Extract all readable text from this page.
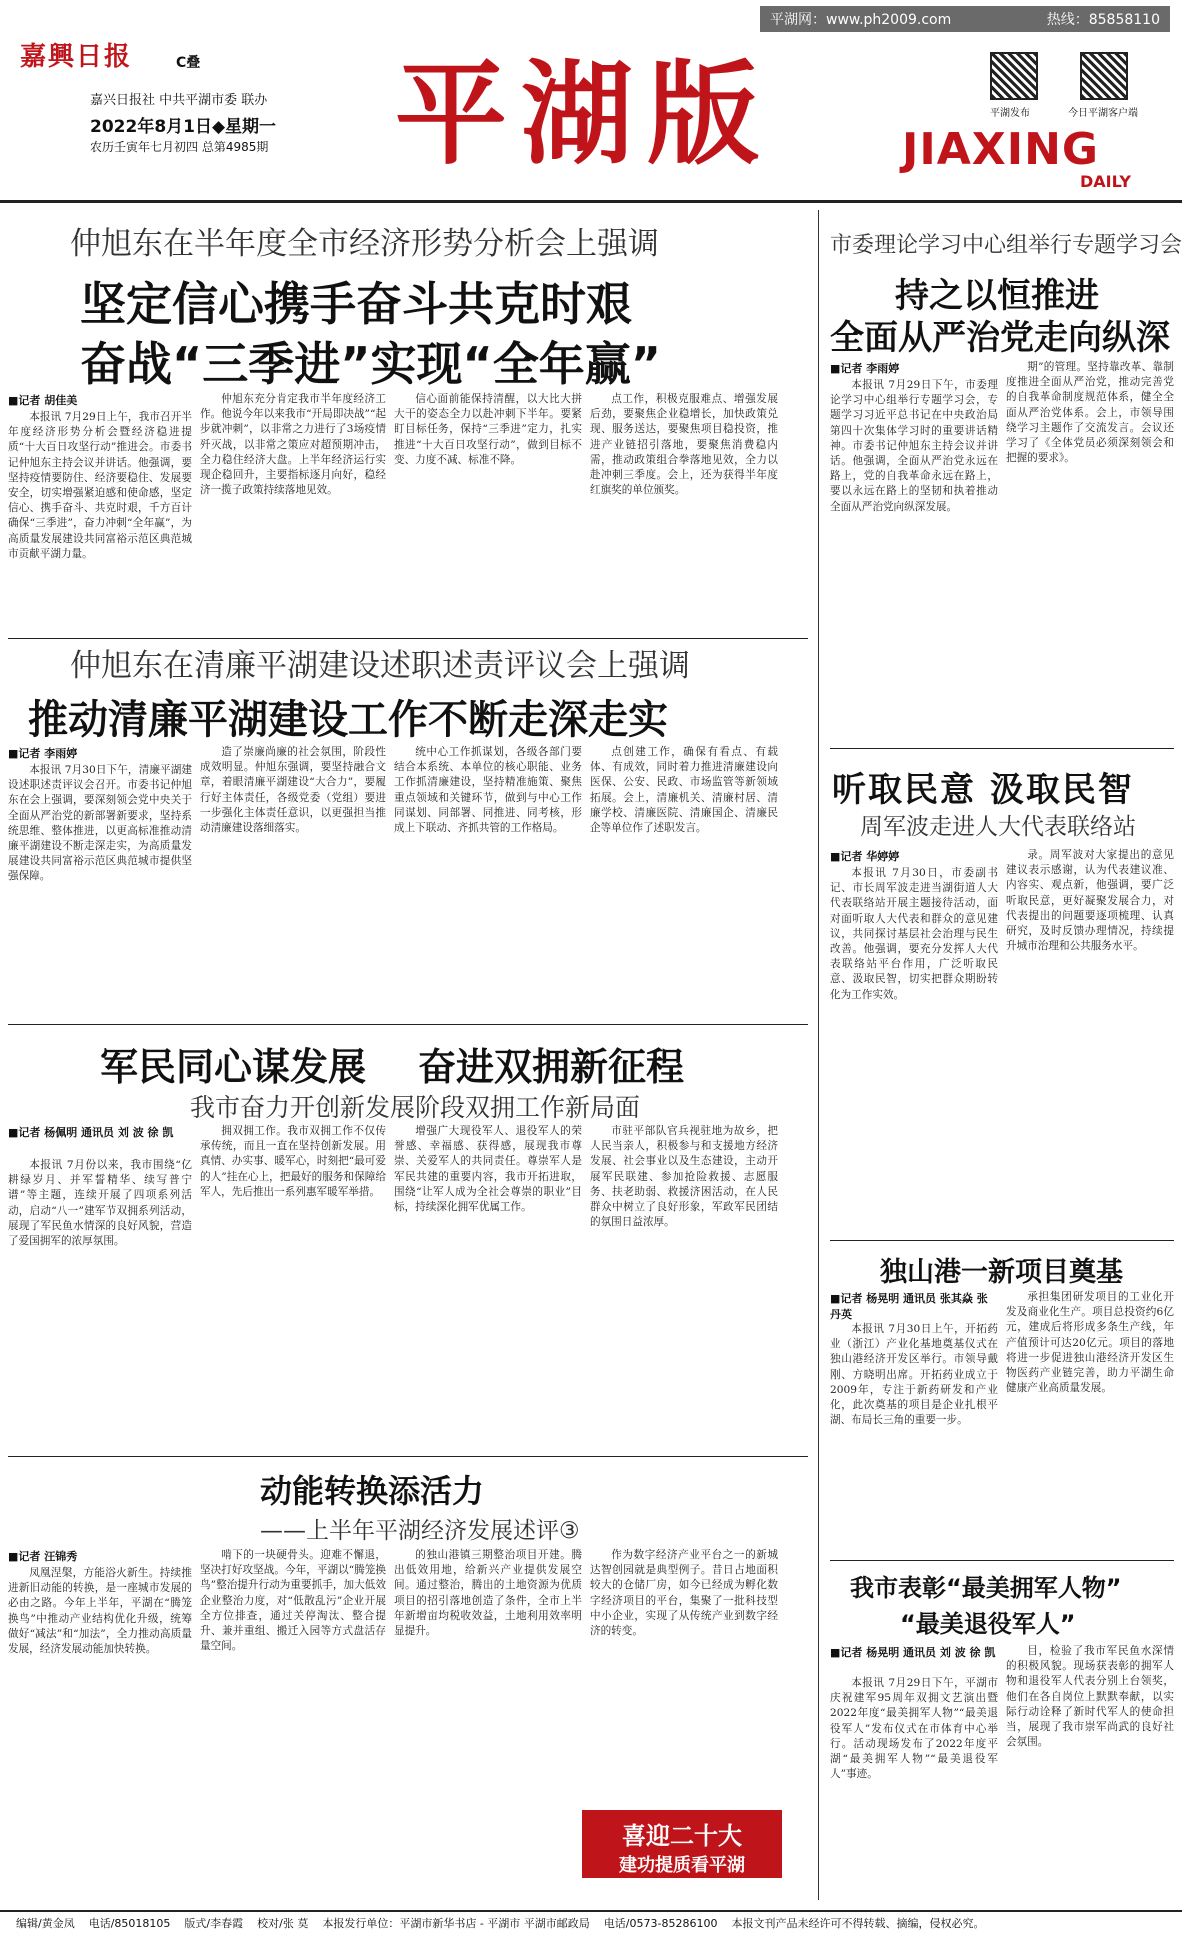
平湖网：www.ph2009.com	热线：85858110
嘉興日报	C叠
嘉兴日报社 中共平湖市委 联办
2022年8月1日◆星期一
农历壬寅年七月初四 总第4985期 平湖版	平湖发布	今日平湖客户端
JIAXING
DAILY
仲旭东在半年度全市经济形势分析会上强调
坚定信心携手奋斗共克时艰
奋战“三季进”实现“全年赢”
■记者 胡佳美

本报讯 7月29日上午，我市召开半年度经济形势分析会暨经济稳进提质“十大百日攻坚行动”推进会。市委书记仲旭东主持会议并讲话。他强调，要坚持疫情要防住、经济要稳住、发展要安全，切实增强紧迫感和使命感，坚定信心、携手奋斗、共克时艰，千方百计确保“三季进”，奋力冲刺“全年赢”，为高质量发展建设共同富裕示范区典范城市贡献平湖力量。

仲旭东充分肯定我市半年度经济工作。他说今年以来我市“开局即决战”“起步就冲刺”，以非常之力进行了3场疫情歼灭战，以非常之策应对超预期冲击，全力稳住经济大盘。上半年经济运行实现企稳回升，主要指标逐月向好，稳经济一揽子政策持续落地见效。

信心面前能保持清醒，以大比大拼大干的姿态全力以赴冲刺下半年。要紧盯目标任务，保持“三季进”定力，扎实推进“十大百日攻坚行动”，做到目标不变、力度不减、标准不降。

点工作，积极克服难点、增强发展后劲，要聚焦企业稳增长，加快政策兑现、服务送达，要聚焦项目稳投资，推进产业链招引落地，要聚焦消费稳内需，推动政策组合拳落地见效，全力以赴冲刺三季度。会上，还为获得半年度红旗奖的单位颁奖。

市委理论学习中心组举行专题学习会
持之以恒推进
全面从严治党走向纵深
■记者 李雨婷

本报讯 7月29日下午，市委理论学习中心组举行专题学习会，专题学习习近平总书记在中央政治局第四十次集体学习时的重要讲话精神。市委书记仲旭东主持会议并讲话。他强调，全面从严治党永远在路上，党的自我革命永远在路上，要以永远在路上的坚韧和执着推动全面从严治党向纵深发展。

期”的管理。坚持靠改革、靠制度推进全面从严治党，推动完善党的自我革命制度规范体系，健全全面从严治党体系。会上，市领导围绕学习主题作了交流发言。会议还学习了《全体党员必须深刻领会和把握的要求》。

仲旭东在清廉平湖建设述职述责评议会上强调
推动清廉平湖建设工作不断走深走实
■记者 李雨婷

本报讯 7月30日下午，清廉平湖建设述职述责评议会召开。市委书记仲旭东在会上强调，要深刻领会党中央关于全面从严治党的新部署新要求，坚持系统思维、整体推进，以更高标准推动清廉平湖建设不断走深走实，为高质量发展建设共同富裕示范区典范城市提供坚强保障。

造了崇廉尚廉的社会氛围，阶段性成效明显。仲旭东强调，要坚持融合文章，着眼清廉平湖建设“大合力”，要履行好主体责任，各级党委（党组）要进一步强化主体责任意识，以更强担当推动清廉建设落细落实。

统中心工作抓谋划，各级各部门要结合本系统、本单位的核心职能、业务工作抓清廉建设，坚持精准施策、聚焦重点领域和关键环节，做到与中心工作同谋划、同部署、同推进、同考核，形成上下联动、齐抓共管的工作格局。

点创建工作，确保有看点、有载体、有成效，同时着力推进清廉建设向医保、公安、民政、市场监管等新领域拓展。会上，清廉机关、清廉村居、清廉学校、清廉医院、清廉国企、清廉民企等单位作了述职发言。

听取民意 汲取民智
周军波走进人大代表联络站
■记者 华婷婷

本报讯 7月30日，市委副书记、市长周军波走进当湖街道人大代表联络站开展主题接待活动，面对面听取人大代表和群众的意见建议，共同探讨基层社会治理与民生改善。他强调，要充分发挥人大代表联络站平台作用，广泛听取民意、汲取民智，切实把群众期盼转化为工作实效。

录。周军波对大家提出的意见建议表示感谢，认为代表建议准、内容实、观点新，他强调，要广泛听取民意，更好凝聚发展合力，对代表提出的问题要逐项梳理、认真研究，及时反馈办理情况，持续提升城市治理和公共服务水平。

军民同心谋发展 奋进双拥新征程
我市奋力开创新发展阶段双拥工作新局面
■记者 杨佩明 通讯员 刘 波 徐 凯

本报讯 7月份以来，我市围绕“亿耕绿岁月、并军誓精华、续写普宁谱”等主题，连续开展了四项系列活动，启动“八一”建军节双拥系列活动，展现了军民鱼水情深的良好风貌，营造了爱国拥军的浓厚氛围。

拥双拥工作。我市双拥工作不仅传承传统，而且一直在坚持创新发展。用真情、办实事、暖军心，时刻把“最可爱的人”挂在心上，把最好的服务和保障给军人，先后推出一系列惠军暖军举措。

增强广大现役军人、退役军人的荣誉感、幸福感、获得感，展现我市尊崇、关爱军人的共同责任。尊崇军人是军民共建的重要内容，我市开拓进取，围绕“让军人成为全社会尊崇的职业”目标，持续深化拥军优属工作。

市驻平部队官兵视驻地为故乡，把人民当亲人，积极参与和支援地方经济发展、社会事业以及生态建设，主动开展军民联建、参加抢险救援、志愿服务、扶老助弱、救援济困活动，在人民群众中树立了良好形象，军政军民团结的氛围日益浓厚。

独山港一新项目奠基
■记者 杨晃明 通讯员 张其焱 张丹英

本报讯 7月30日上午，开拓药业（浙江）产业化基地奠基仪式在独山港经济开发区举行。市领导戴刚、方晓明出席。开拓药业成立于2009年，专注于新药研发和产业化，此次奠基的项目是企业扎根平湖、布局长三角的重要一步。

承担集团研发项目的工业化开发及商业化生产。项目总投资约6亿元，建成后将形成多条生产线，年产值预计可达20亿元。项目的落地将进一步促进独山港经济开发区生物医药产业链完善，助力平湖生命健康产业高质量发展。

动能转换添活力
——上半年平湖经济发展述评③
■记者 汪锦秀

凤凰涅槃，方能浴火新生。持续推进新旧动能的转换，是一座城市发展的必由之路。今年上半年，平湖在“腾笼换鸟”中推动产业结构优化升级，统筹做好“减法”和“加法”，全力推动高质量发展，经济发展动能加快转换。

啃下的一块硬骨头。迎难不懈退，坚决打好攻坚战。今年，平湖以“腾笼换鸟”整治提升行动为重要抓手，加大低效企业整治力度，对“低散乱污”企业开展全方位排查，通过关停淘汰、整合提升、兼并重组、搬迁入园等方式盘活存量空间。

的独山港镇三期整治项目开建。腾出低效用地，给新兴产业提供发展空间。通过整治，腾出的土地资源为优质项目的招引落地创造了条件，全市上半年新增亩均税收效益，土地利用效率明显提升。

作为数字经济产业平台之一的新城达智创园就是典型例子。昔日占地面积较大的仓储厂房，如今已经成为孵化数字经济项目的平台，集聚了一批科技型中小企业，实现了从传统产业到数字经济的转变。

喜迎二十大
建功提质看平湖
我市表彰“最美拥军人物”
“最美退役军人”
■记者 杨晃明 通讯员 刘 波 徐 凯

本报讯 7月29日下午，平湖市庆祝建军95周年双拥文艺演出暨2022年度“最美拥军人物”“最美退役军人”发布仪式在市体育中心举行。活动现场发布了2022年度平湖“最美拥军人物”“最美退役军人”事迹。

目，检验了我市军民鱼水深情的积极风貌。现场获表彰的拥军人物和退役军人代表分别上台领奖，他们在各自岗位上默默奉献，以实际行动诠释了新时代军人的使命担当，展现了我市崇军尚武的良好社会氛围。

编辑/黄金凤 电话/85018105 版式/李春霞 校对/张 莫 本报发行单位：平湖市新华书店 - 平湖市 平湖市邮政局 电话/0573-85286100 本报文刊产品未经许可不得转载、摘编，侵权必究。
